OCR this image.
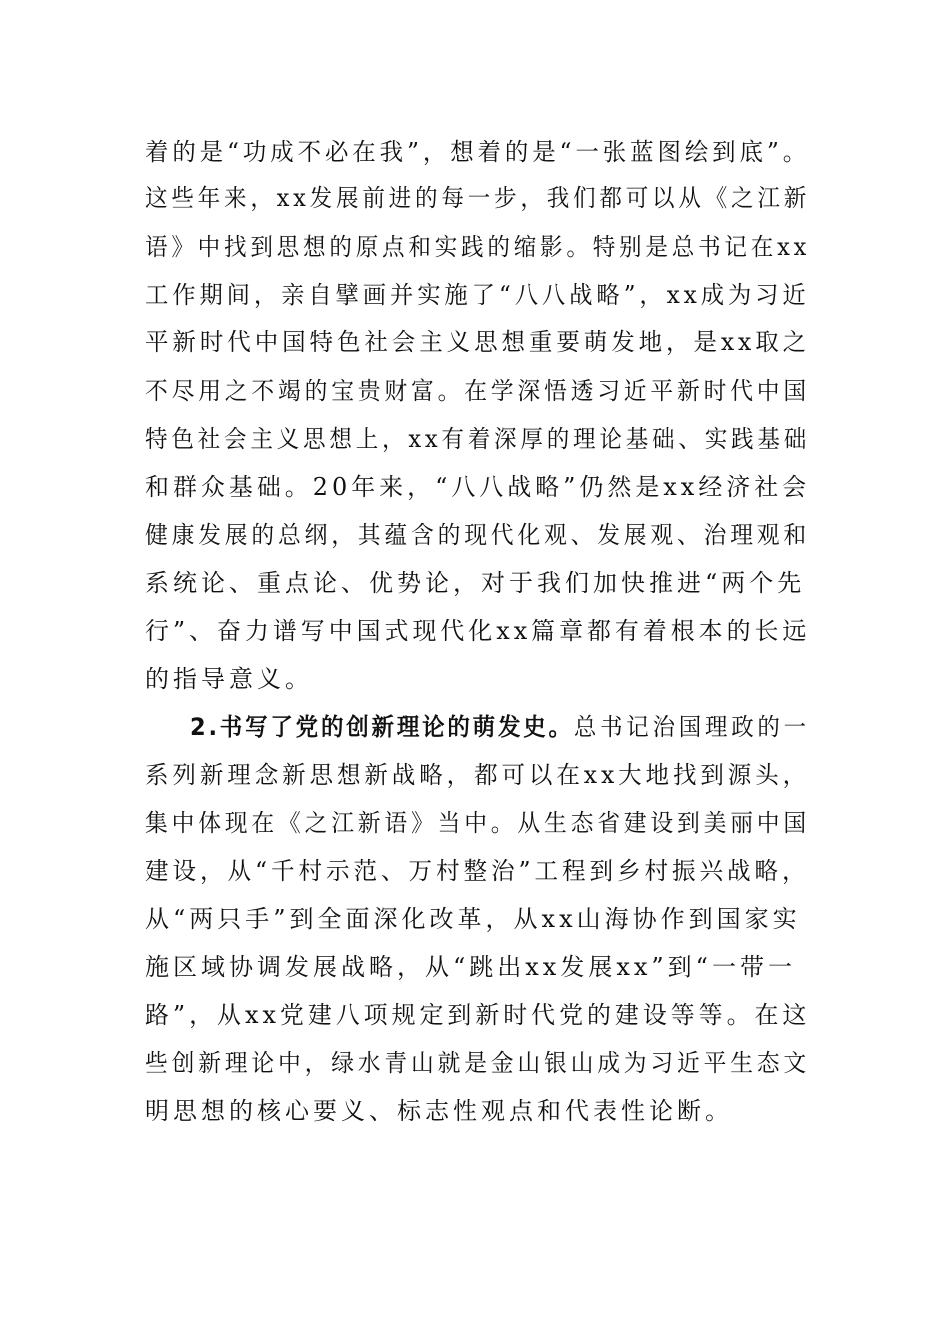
着的是“功成不必在我”，想着的是“一张蓝图绘到底”。
这些年来，xx发展前进的每一步，我们都可以从《之江新
语》中找到思想的原点和实践的缩影。特别是总书记在xx
工作期间，亲自擘画并实施了“八八战略”，xx成为习近
平新时代中国特色社会主义思想重要萌发地，是xx取之
不尽用之不竭的宝贵财富。在学深悟透习近平新时代中国
特色社会主义思想上，xx有着深厚的理论基础、实践基础
和群众基础。20年来，“八八战略”仍然是xx经济社会
健康发展的总纲，其蕴含的现代化观、发展观、治理观和
系统论、重点论、优势论，对于我们加快推进“两个先
行”、奋力谱写中国式现代化xx篇章都有着根本的长远
的指导意义。
2.书写了党的创新理论的萌发史。总书记治国理政的一
系列新理念新思想新战略，都可以在xx大地找到源头，
集中体现在《之江新语》当中。从生态省建设到美丽中国
建设，从“千村示范、万村整治”工程到乡村振兴战略，
从“两只手”到全面深化改革，从xx山海协作到国家实
施区域协调发展战略，从“跳出xx发展xx”到“一带一
路”，从xx党建八项规定到新时代党的建设等等。在这
些创新理论中，绿水青山就是金山银山成为习近平生态文
明思想的核心要义、标志性观点和代表性论断。
